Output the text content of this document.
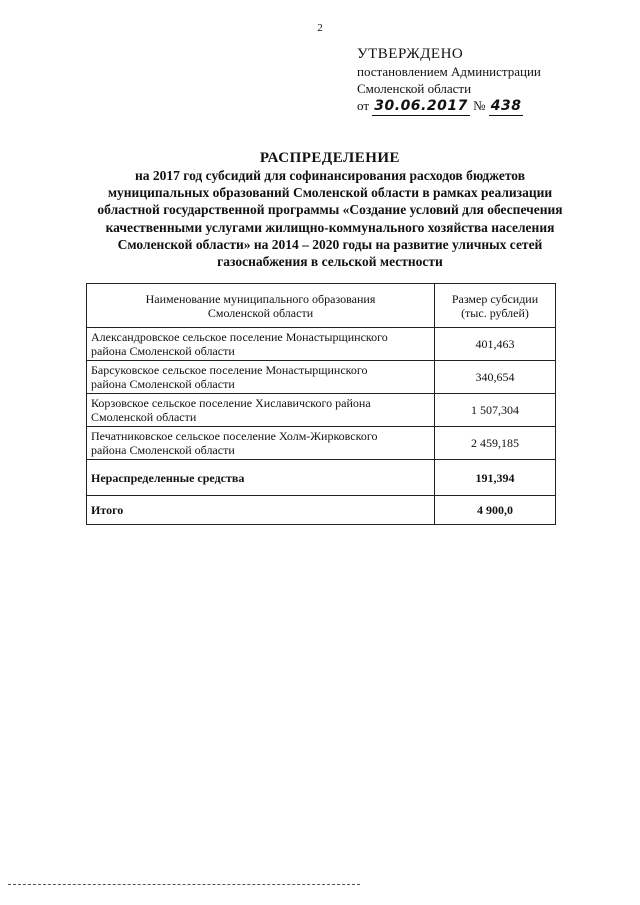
2
УТВЕРЖДЕНО
постановлением Администрации
Смоленской области
от
30.06.2017
№
438
РАСПРЕДЕЛЕНИЕ

на 2017 год субсидий для софинансирования расходов бюджетов

муниципальных образований Смоленской области в рамках реализации

областной государственной программы «Создание условий для обеспечения

качественными услугами жилищно-коммунального хозяйства населения

Смоленской области» на 2014 – 2020 годы на развитие уличных сетей

газоснабжения в сельской местности

Наименование муниципального образования
Смоленской области	Размер субсидии
(тыс. рублей)
Александровское сельское поселение Монастырщинского
района Смоленской области	401,463
Барсуковское сельское поселение Монастырщинского
района Смоленской области	340,654
Корзовское сельское поселение Хиславичского района
Смоленской области	1 507,304
Печатниковское сельское поселение Холм-Жирковского
района Смоленской области	2 459,185
Нераспределенные средства	191,394
Итого	4 900,0
